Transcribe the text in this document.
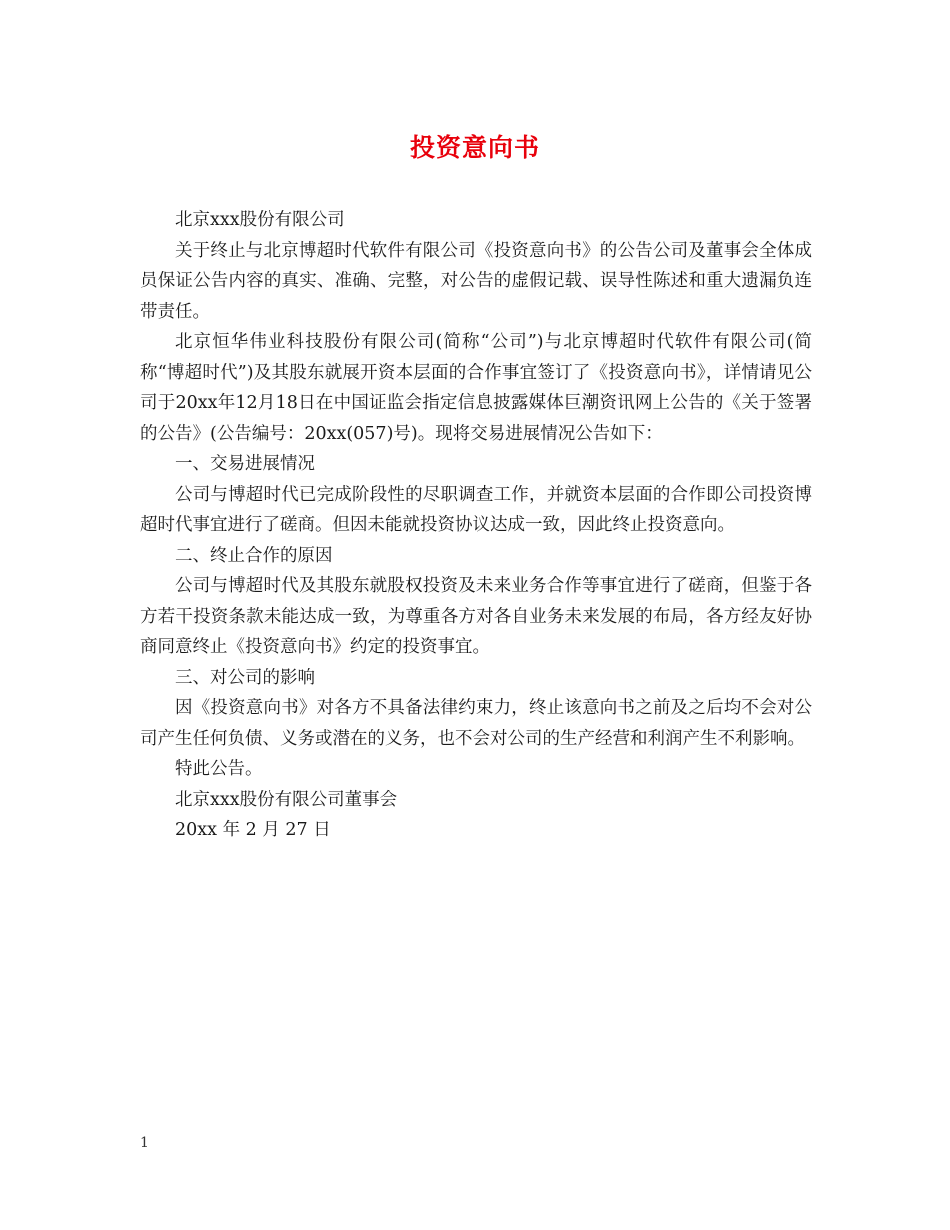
投资意向书

北京xxx股份有限公司

关于终止与北京博超时代软件有限公司《投资意向书》的公告公司及董事会全体成员保证公告内容的真实、准确、完整，对公告的虚假记载、误导性陈述和重大遗漏负连带责任。

北京恒华伟业科技股份有限公司(简称“公司”)与北京博超时代软件有限公司(简称“博超时代”)及其股东就展开资本层面的合作事宜签订了《投资意向书》，详情请见公司于20xx年12月18日在中国证监会指定信息披露媒体巨潮资讯网上公告的《关于签署的公告》(公告编号：20xx(057)号)。现将交易进展情况公告如下：

一、交易进展情况

公司与博超时代已完成阶段性的尽职调查工作，并就资本层面的合作即公司投资博超时代事宜进行了磋商。但因未能就投资协议达成一致，因此终止投资意向。

二、终止合作的原因

公司与博超时代及其股东就股权投资及未来业务合作等事宜进行了磋商，但鉴于各方若干投资条款未能达成一致，为尊重各方对各自业务未来发展的布局，各方经友好协商同意终止《投资意向书》约定的投资事宜。

三、对公司的影响

因《投资意向书》对各方不具备法律约束力，终止该意向书之前及之后均不会对公司产生任何负债、义务或潜在的义务，也不会对公司的生产经营和利润产生不利影响。

特此公告。

北京xxx股份有限公司董事会

20xx 年 2 月 27 日

1
